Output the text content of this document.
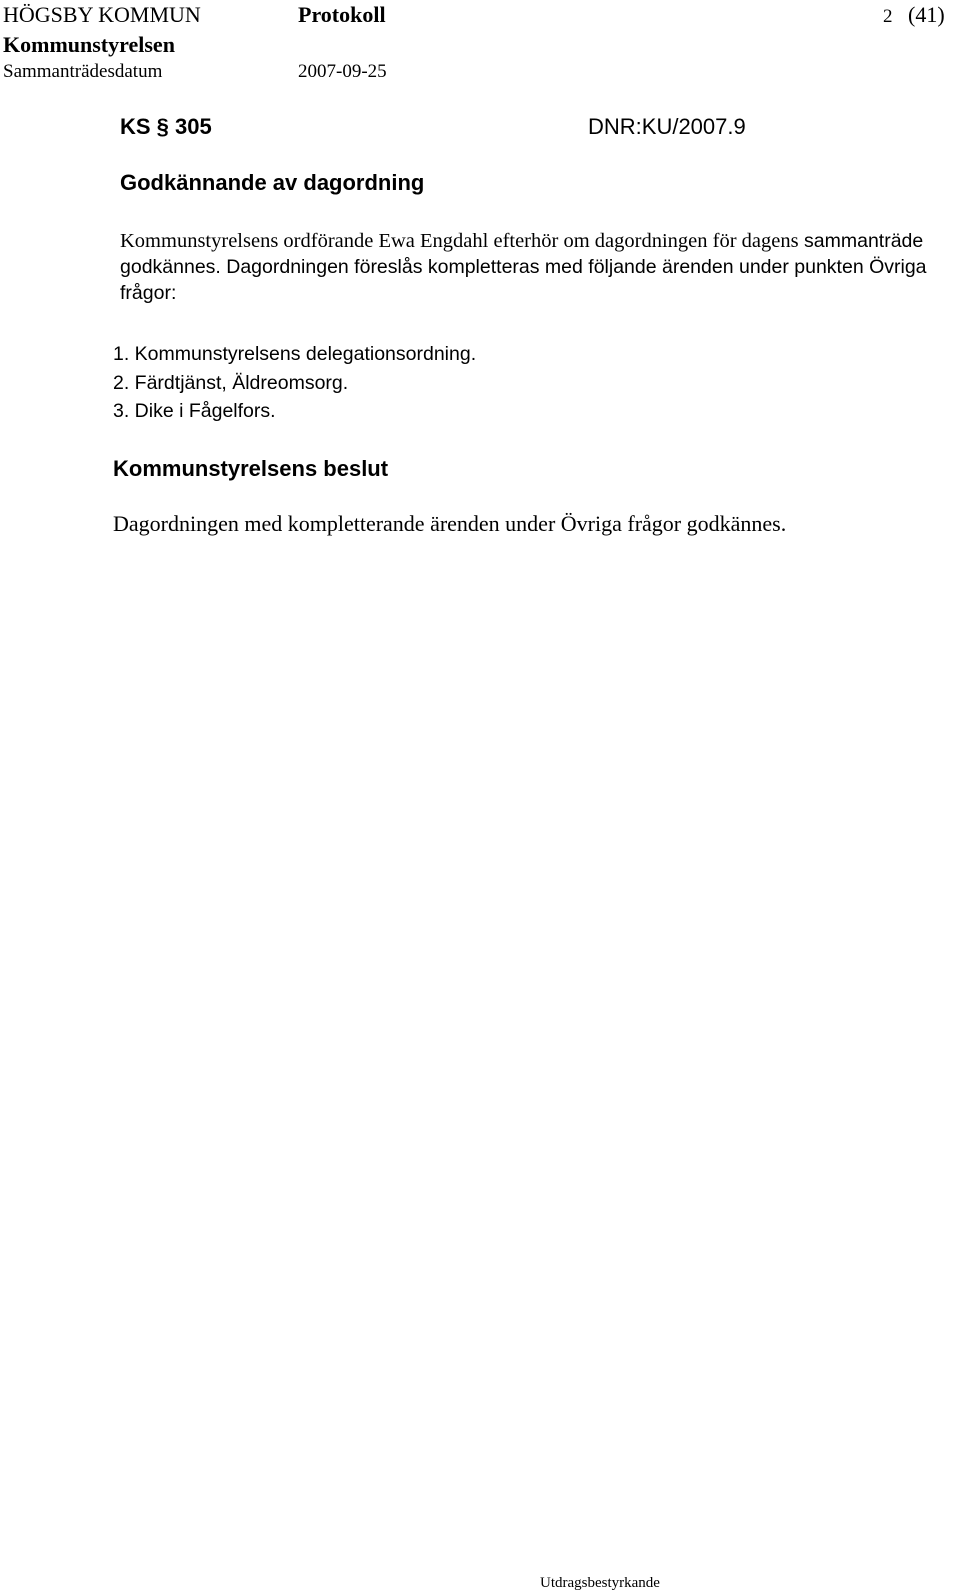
HÖGSBY KOMMUN	Protokoll	2 (41)
Kommunstyrelsen
Sammanträdesdatum	2007-09-25
KS § 305	DNR:KU/2007.9
Godkännande av dagordning
Kommunstyrelsens ordförande Ewa Engdahl efterhör om dagordningen för dagens sammanträde godkännes. Dagordningen föreslås kompletteras med följande ärenden under punkten Övriga frågor:
1. Kommunstyrelsens delegationsordning.
2. Färdtjänst, Äldreomsorg.
3. Dike i Fågelfors.
Kommunstyrelsens beslut
Dagordningen med kompletterande ärenden under Övriga frågor godkännes.
Utdragsbestyrkande
